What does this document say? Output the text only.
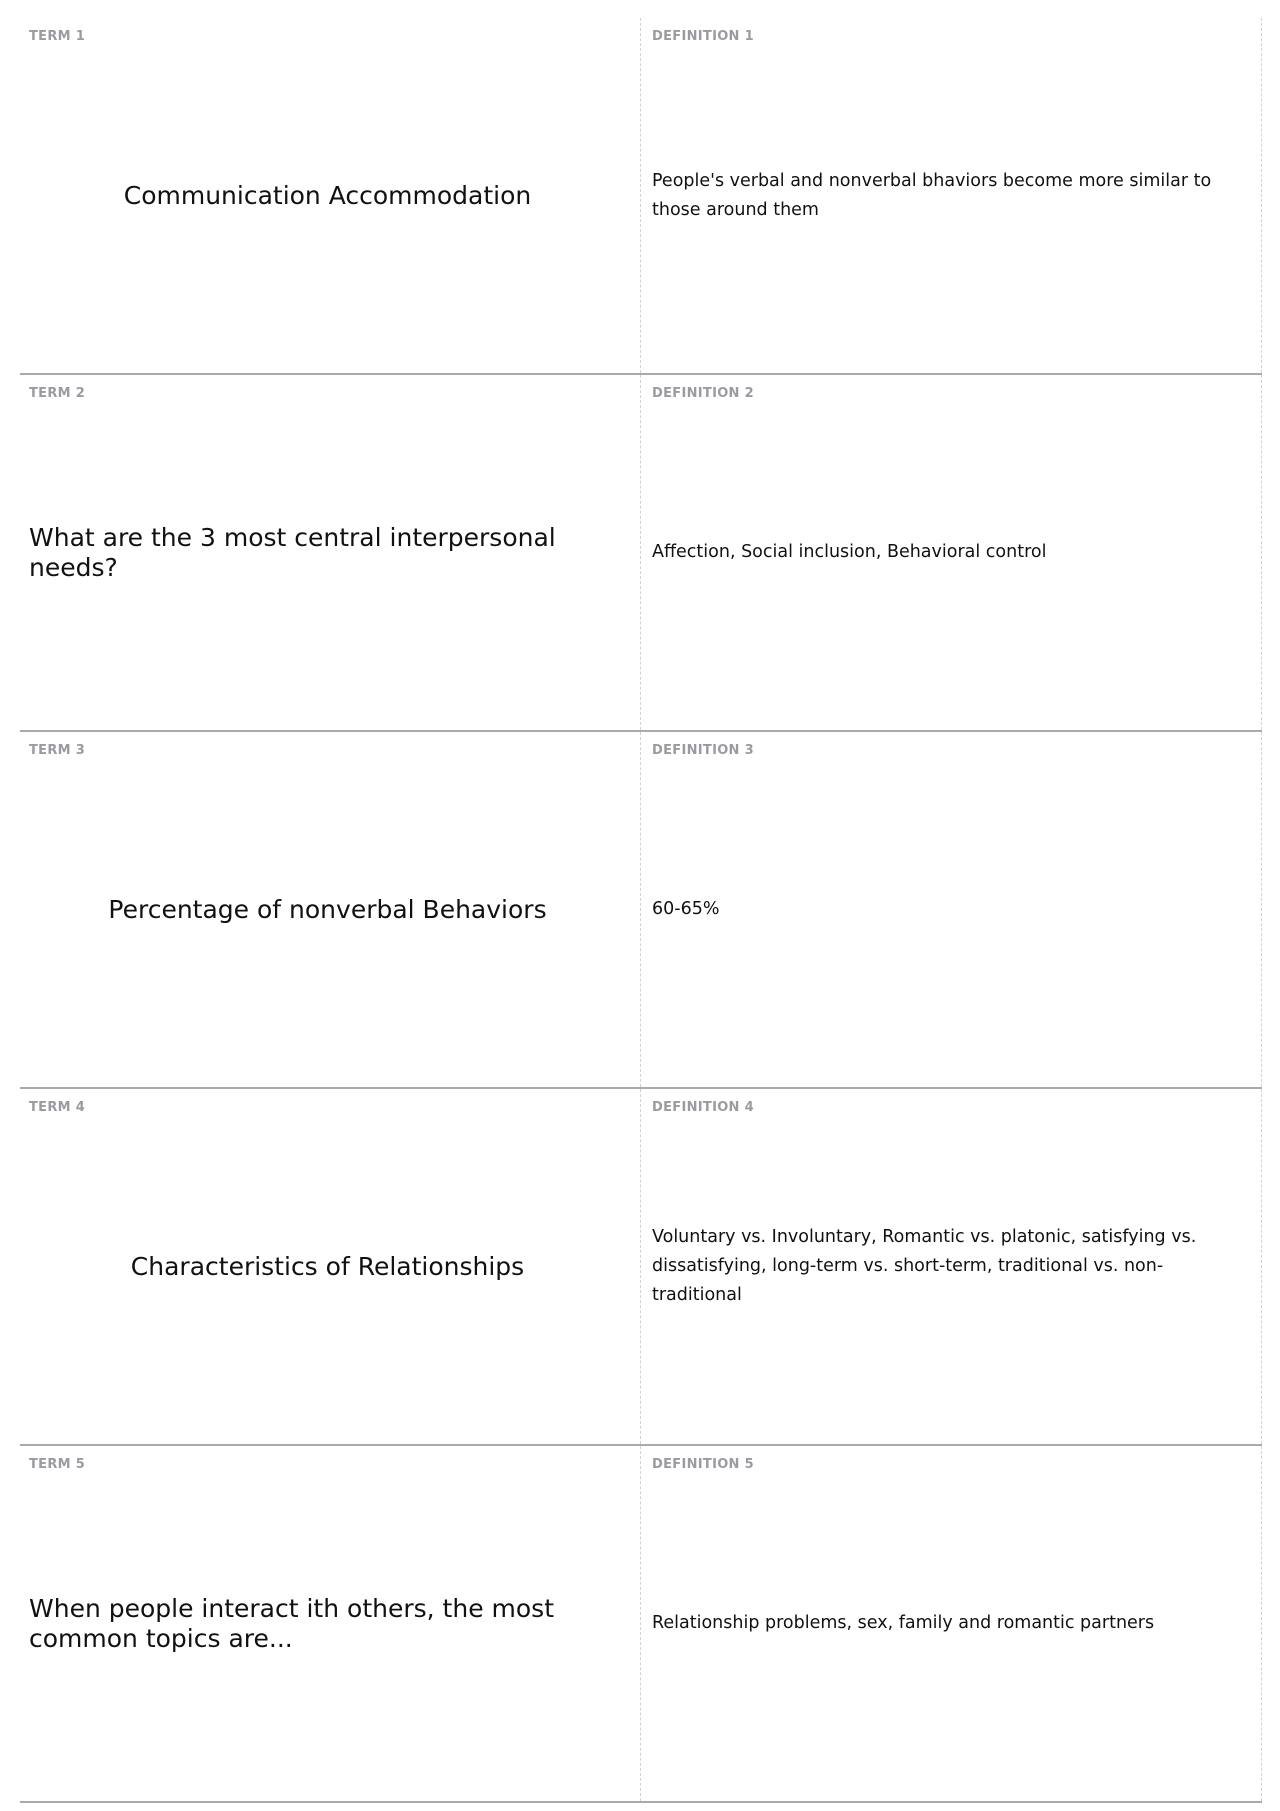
TERM 1
Communication Accommodation
DEFINITION 1
People's verbal and nonverbal bhaviors become more similar to those around them
TERM 2
What are the 3 most central interpersonal needs?
DEFINITION 2
Affection, Social inclusion, Behavioral control
TERM 3
Percentage of nonverbal Behaviors
DEFINITION 3
60-65%
TERM 4
Characteristics of Relationships
DEFINITION 4
Voluntary vs. Involuntary, Romantic vs. platonic, satisfying vs. dissatisfying, long-term vs. short-term, traditional vs. non-traditional
TERM 5
When people interact ith others, the most common topics are...
DEFINITION 5
Relationship problems, sex, family and romantic partners
